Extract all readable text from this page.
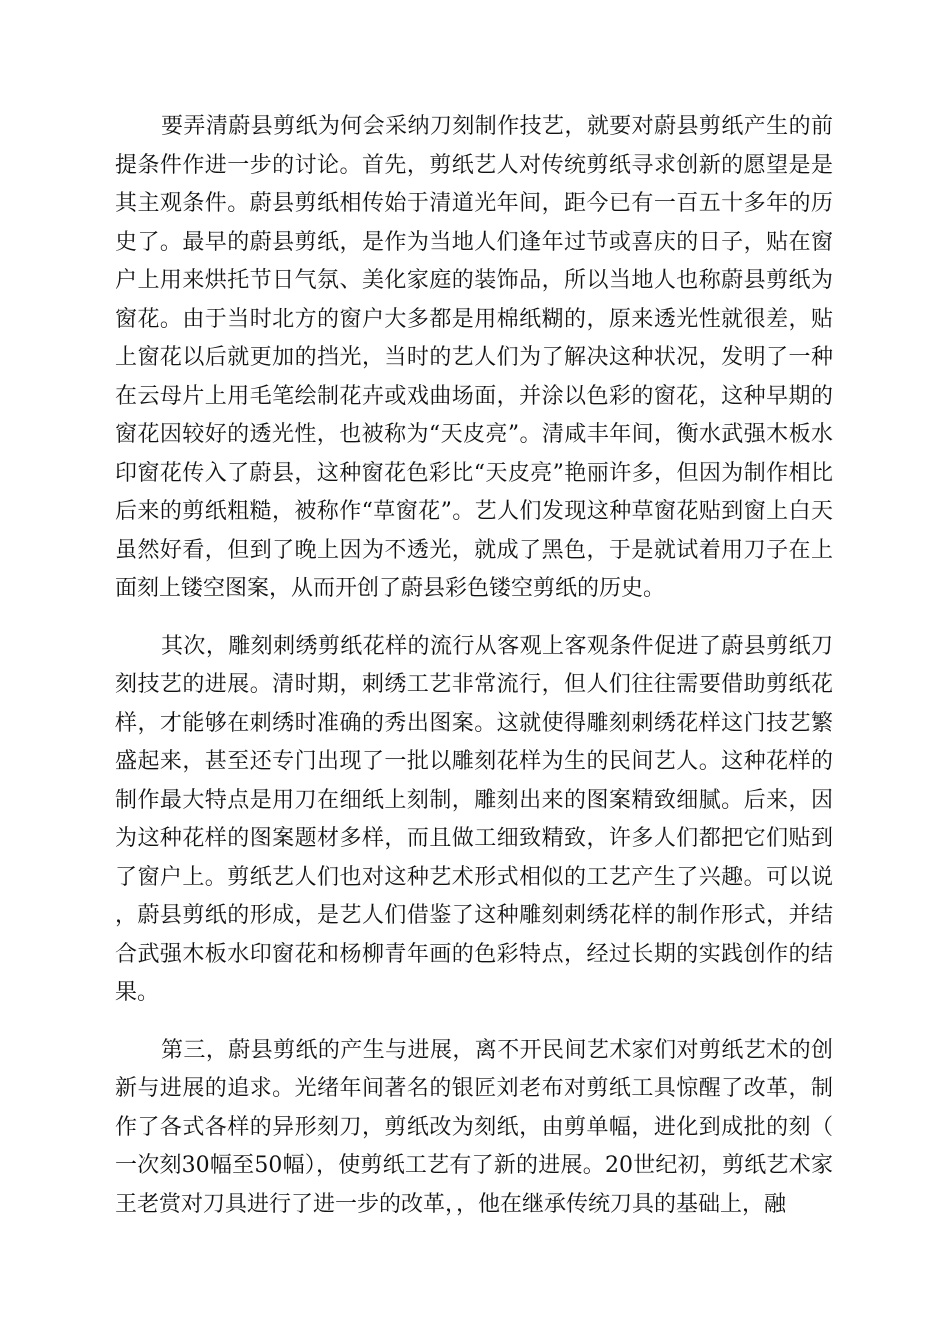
要弄清蔚县剪纸为何会采纳刀刻制作技艺，就要对蔚县剪纸产生的前提条件作进一步的讨论。首先，剪纸艺人对传统剪纸寻求创新的愿望是是其主观条件。蔚县剪纸相传始于清道光年间，距今已有一百五十多年的历史了。最早的蔚县剪纸，是作为当地人们逢年过节或喜庆的日子，贴在窗户上用来烘托节日气氛、美化家庭的装饰品，所以当地人也称蔚县剪纸为窗花。由于当时北方的窗户大多都是用棉纸糊的，原来透光性就很差，贴上窗花以后就更加的挡光，当时的艺人们为了解决这种状况，发明了一种在云母片上用毛笔绘制花卉或戏曲场面，并涂以色彩的窗花，这种早期的窗花因较好的透光性，也被称为“天皮亮”。清咸丰年间，衡水武强木板水印窗花传入了蔚县，这种窗花色彩比“天皮亮”艳丽许多，但因为制作相比后来的剪纸粗糙，被称作“草窗花”。艺人们发现这种草窗花贴到窗上白天虽然好看，但到了晚上因为不透光，就成了黑色，于是就试着用刀子在上面刻上镂空图案，从而开创了蔚县彩色镂空剪纸的历史。

其次，雕刻刺绣剪纸花样的流行从客观上客观条件促进了蔚县剪纸刀刻技艺的进展。清时期，刺绣工艺非常流行，但人们往往需要借助剪纸花样，才能够在刺绣时准确的秀出图案。这就使得雕刻刺绣花样这门技艺繁盛起来，甚至还专门出现了一批以雕刻花样为生的民间艺人。这种花样的制作最大特点是用刀在细纸上刻制，雕刻出来的图案精致细腻。后来，因为这种花样的图案题材多样，而且做工细致精致，许多人们都把它们贴到了窗户上。剪纸艺人们也对这种艺术形式相似的工艺产生了兴趣。可以说，蔚县剪纸的形成，是艺人们借鉴了这种雕刻刺绣花样的制作形式，并结合武强木板水印窗花和杨柳青年画的色彩特点，经过长期的实践创作的结果。

第三，蔚县剪纸的产生与进展，离不开民间艺术家们对剪纸艺术的创新与进展的追求。光绪年间著名的银匠刘老布对剪纸工具惊醒了改革，制作了各式各样的异形刻刀，剪纸改为刻纸，由剪单幅，进化到成批的刻（一次刻30幅至50幅），使剪纸工艺有了新的进展。20世纪初，剪纸艺术家王老赏对刀具进行了进一步的改革，，他在继承传统刀具的基础上，融
